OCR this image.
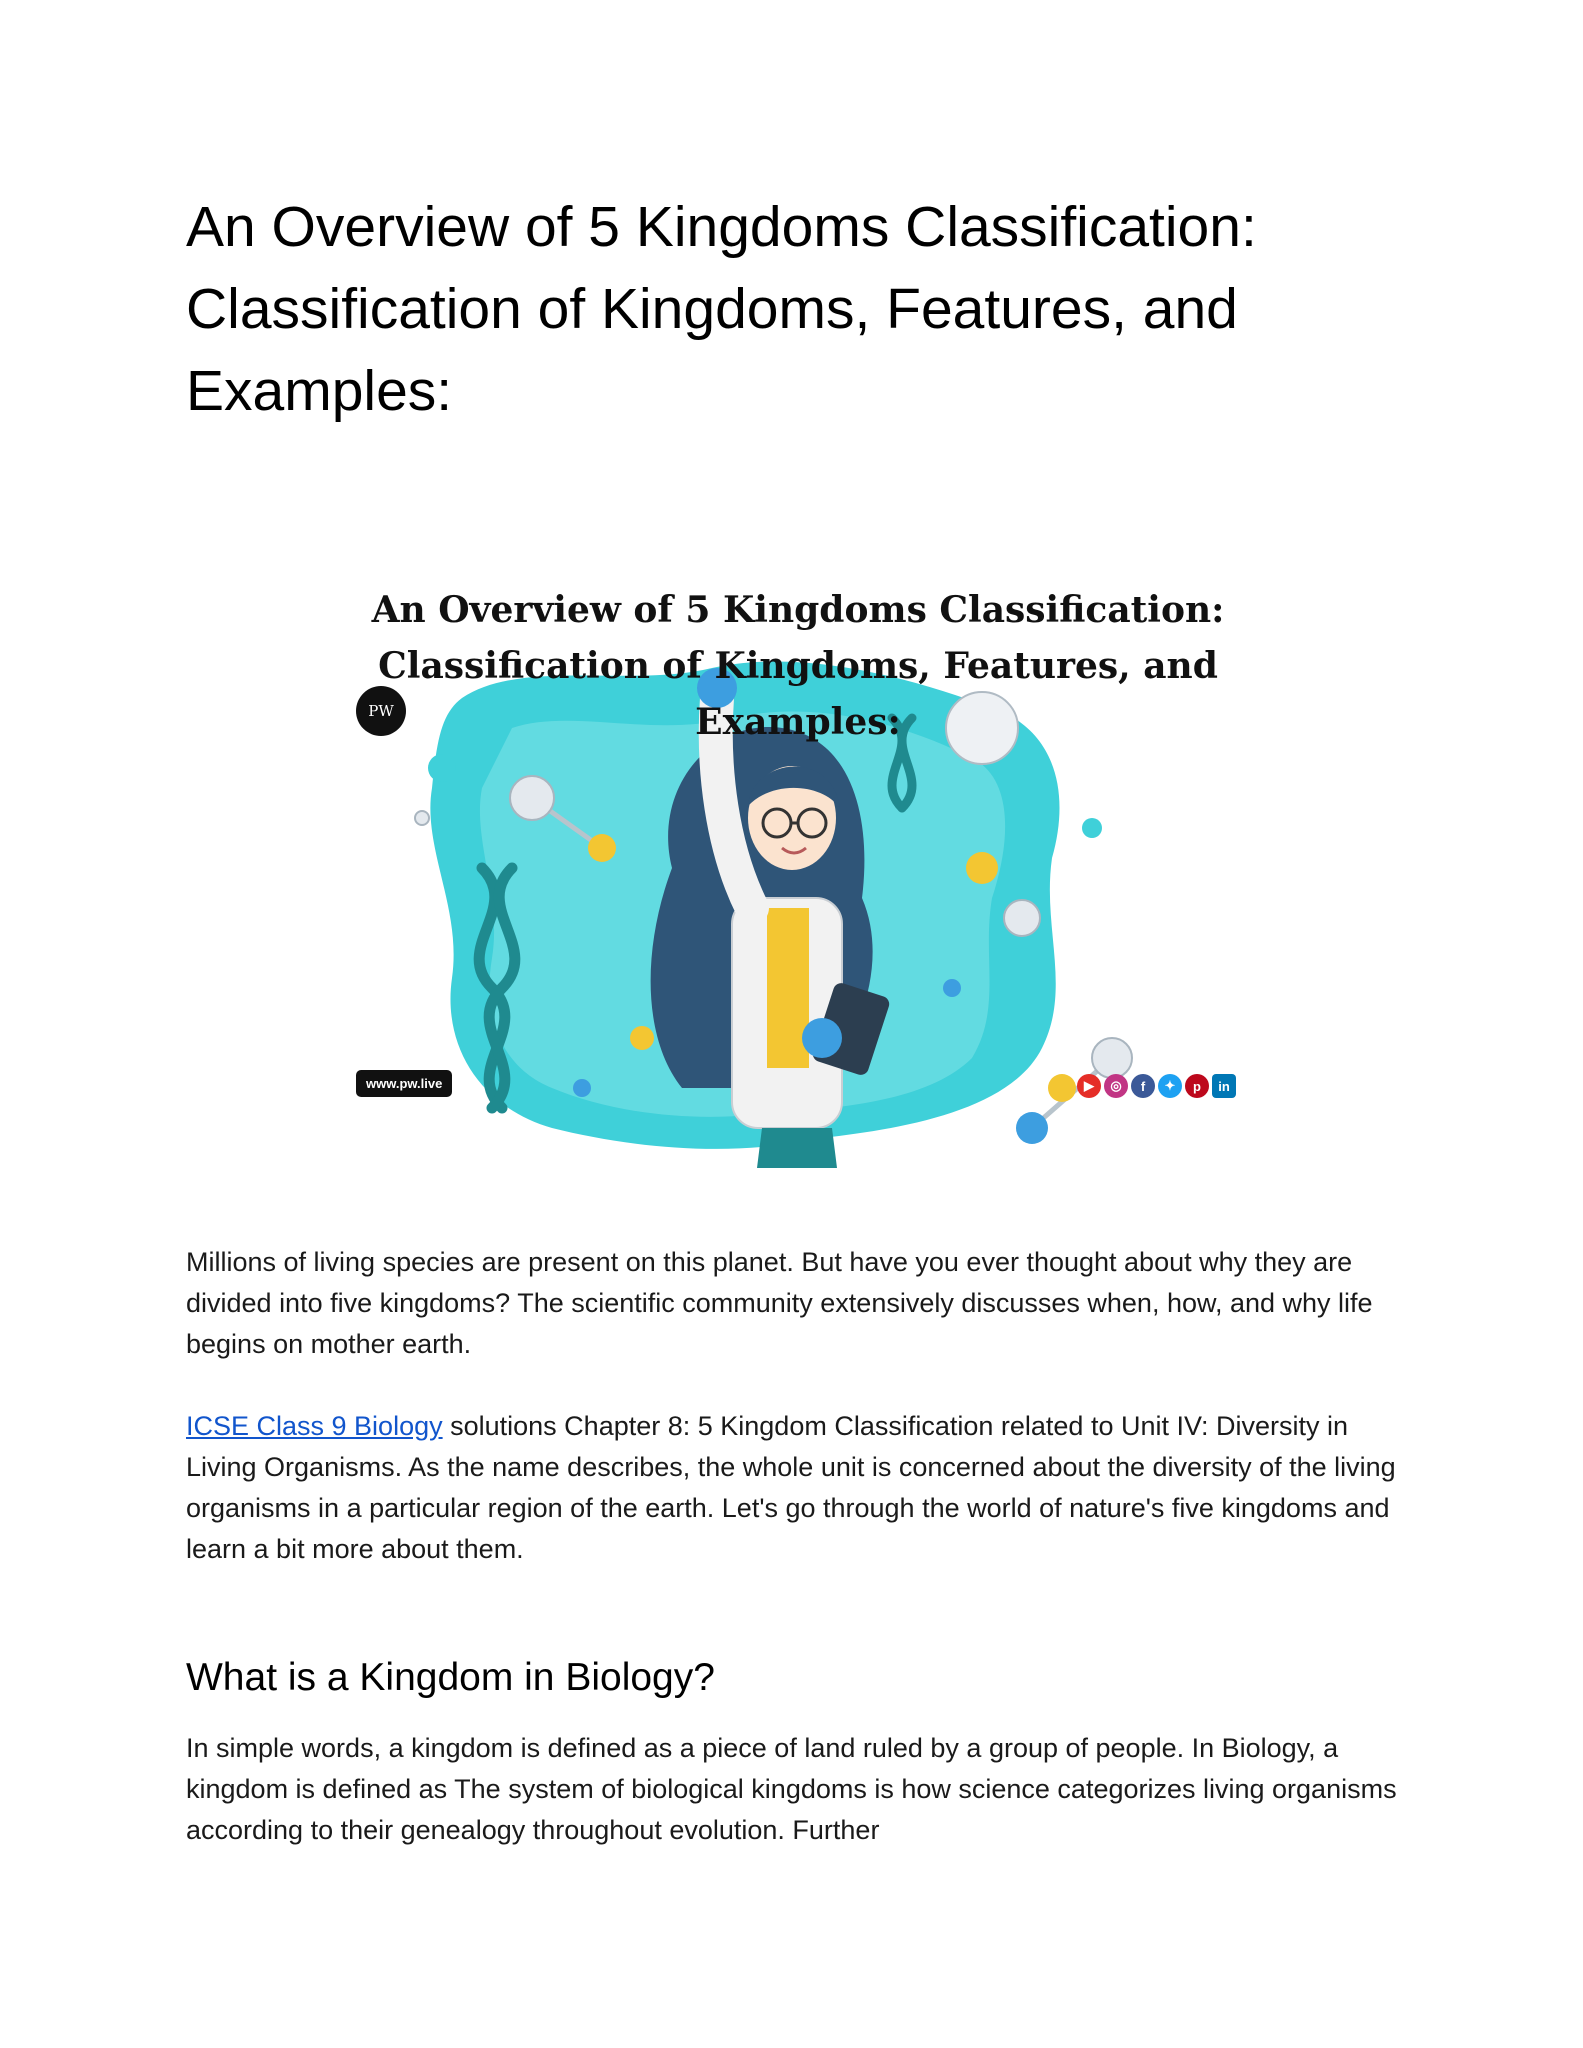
An Overview of 5 Kingdoms Classification: Classification of Kingdoms, Features, and Examples:
An Overview of 5 Kingdoms Classification: Classification of Kingdoms, Features, and Examples:
PW
www.pw.live	▶	◎	f	✦	p	in

Millions of living species are present on this planet. But have you ever thought about why they are divided into five kingdoms? The scientific community extensively discusses when, how, and why life begins on mother earth.

ICSE Class 9 Biology solutions Chapter 8: 5 Kingdom Classification related to Unit IV: Diversity in Living Organisms. As the name describes, the whole unit is concerned about the diversity of the living organisms in a particular region of the earth. Let's go through the world of nature's five kingdoms and learn a bit more about them.

What is a Kingdom in Biology?

In simple words, a kingdom is defined as a piece of land ruled by a group of people. In Biology, a kingdom is defined as The system of biological kingdoms is how science categorizes living organisms according to their genealogy throughout evolution. Further
